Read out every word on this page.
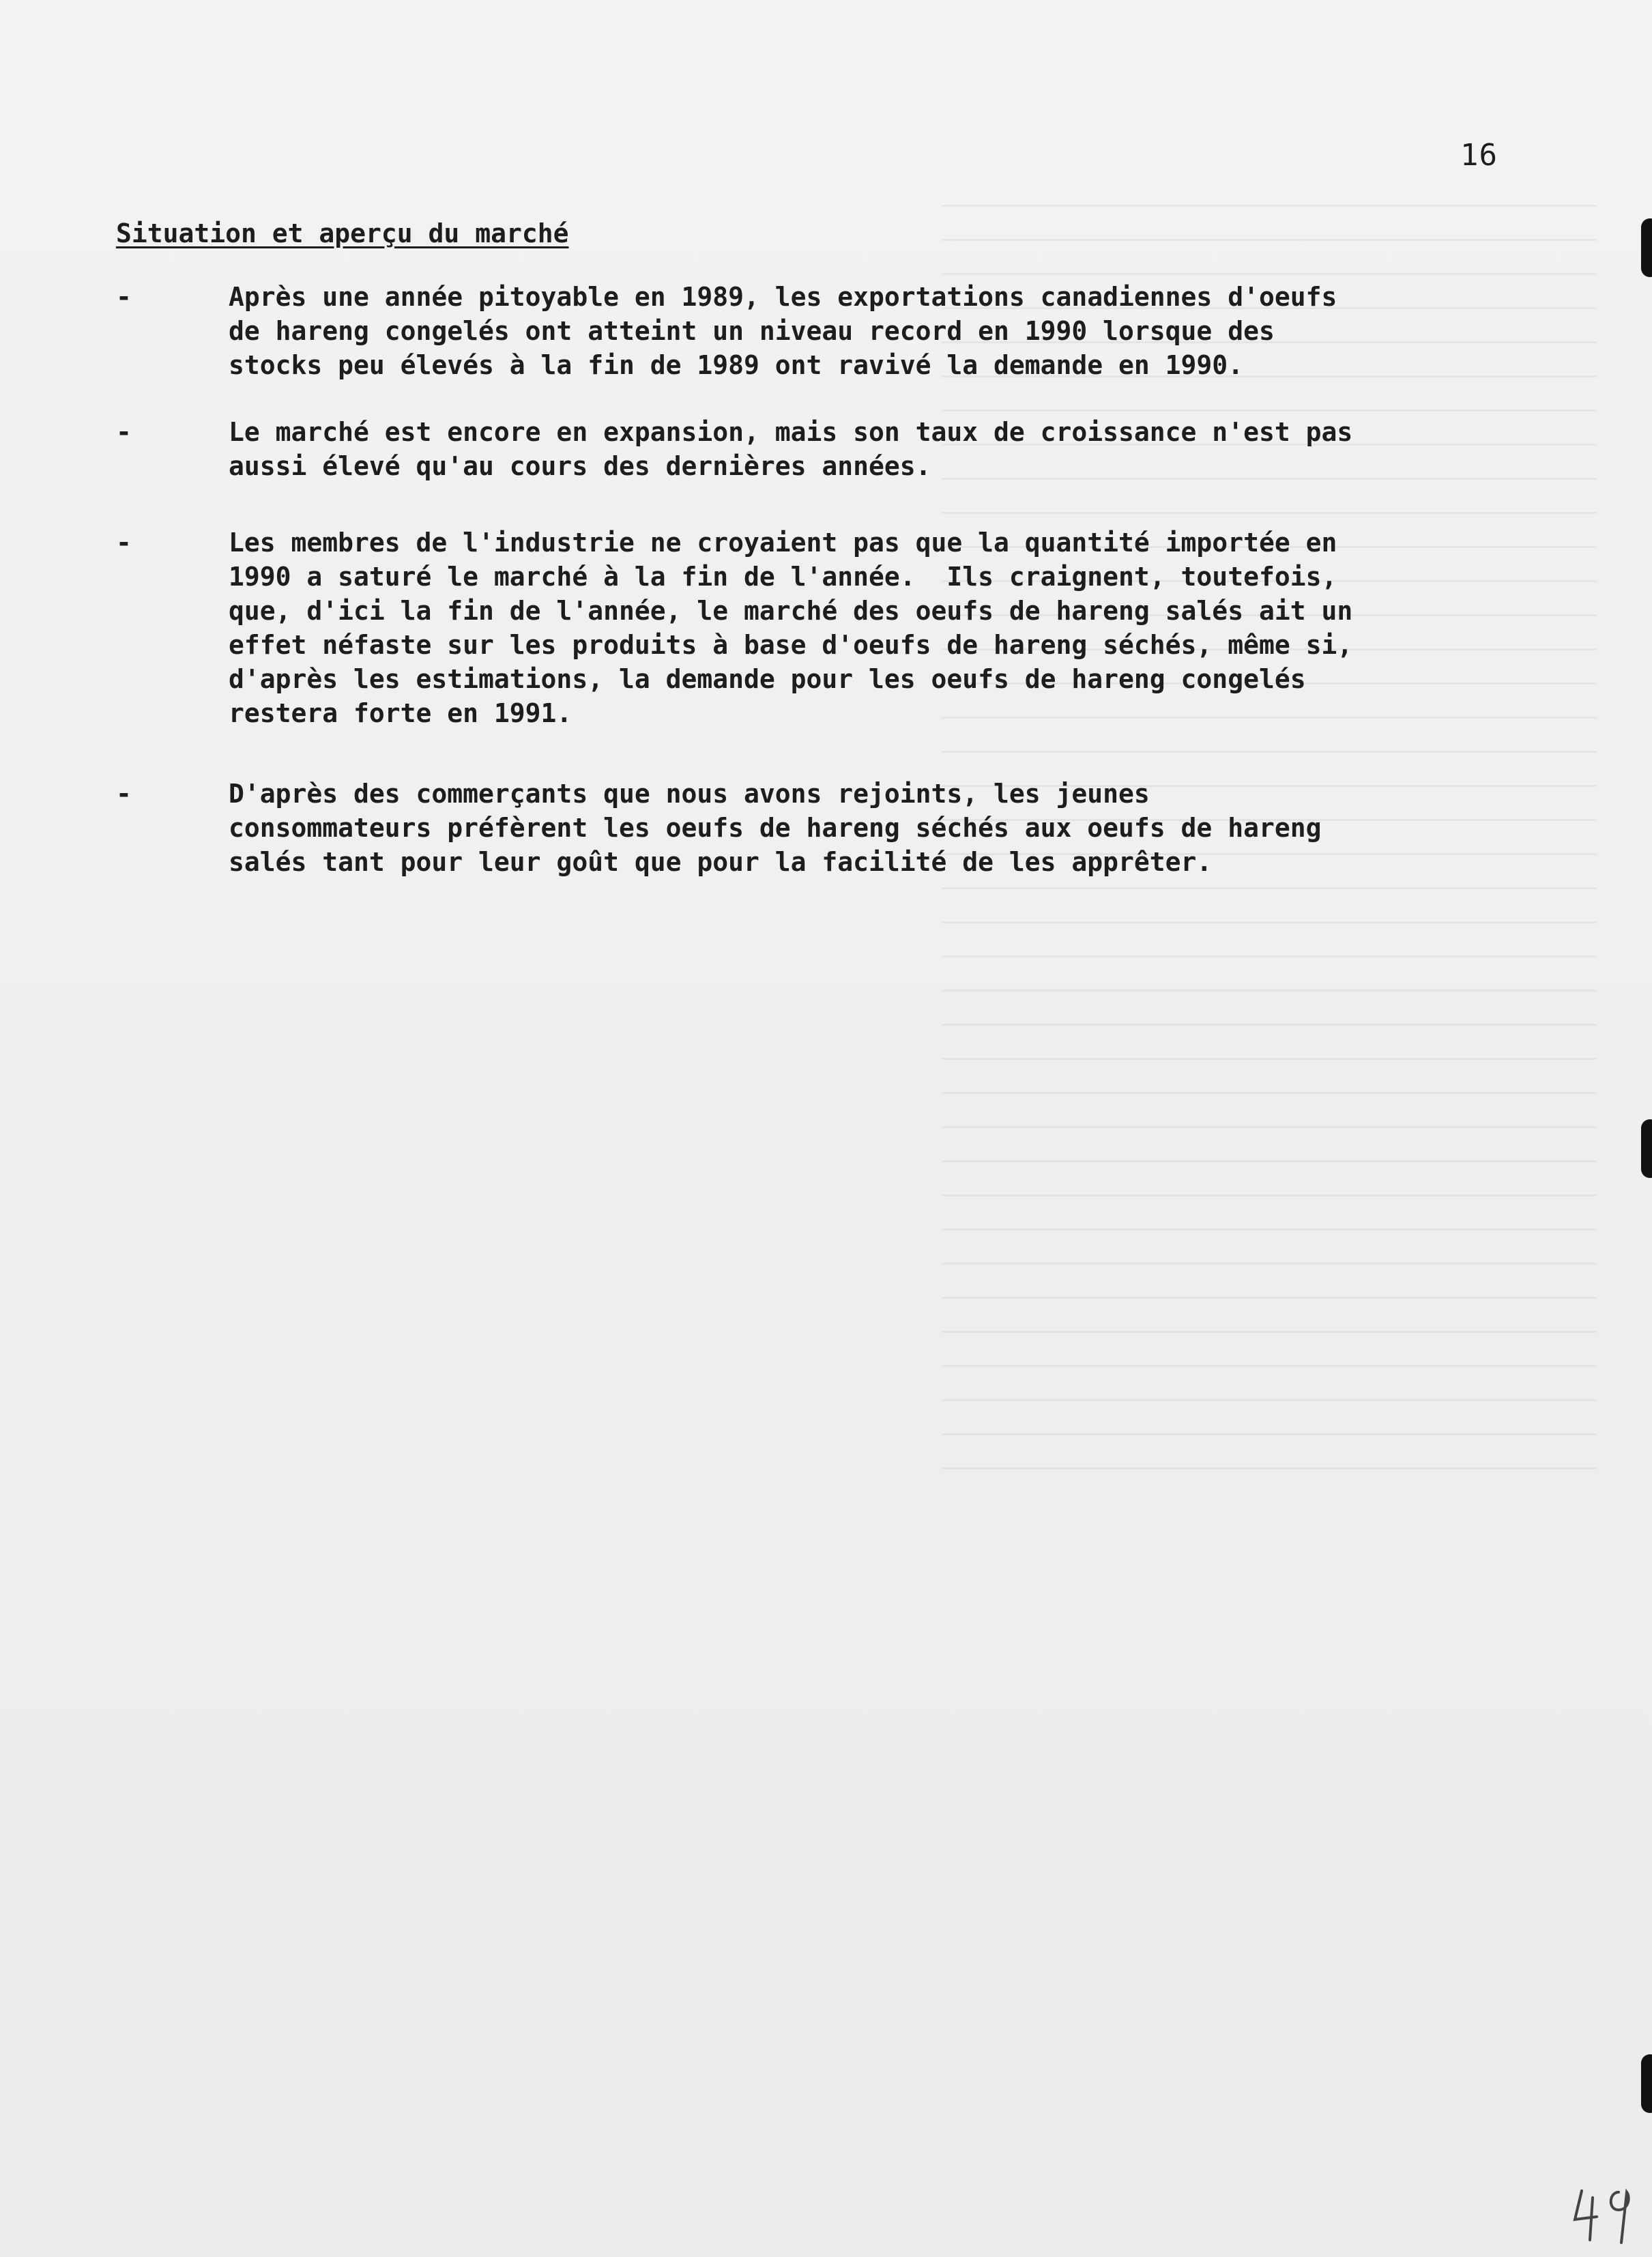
16
Situation et aperçu du marché
-	Après une année pitoyable en 1989, les exportations canadiennes d'oeufs
de hareng congelés ont atteint un niveau record en 1990 lorsque des
stocks peu élevés à la fin de 1989 ont ravivé la demande en 1990.
-	Le marché est encore en expansion, mais son taux de croissance n'est pas
aussi élevé qu'au cours des dernières années.
-	Les membres de l'industrie ne croyaient pas que la quantité importée en
1990 a saturé le marché à la fin de l'année.  Ils craignent, toutefois,
que, d'ici la fin de l'année, le marché des oeufs de hareng salés ait un
effet néfaste sur les produits à base d'oeufs de hareng séchés, même si,
d'après les estimations, la demande pour les oeufs de hareng congelés
restera forte en 1991.
-	D'après des commerçants que nous avons rejoints, les jeunes
consommateurs préfèrent les oeufs de hareng séchés aux oeufs de hareng
salés tant pour leur goût que pour la facilité de les apprêter.
